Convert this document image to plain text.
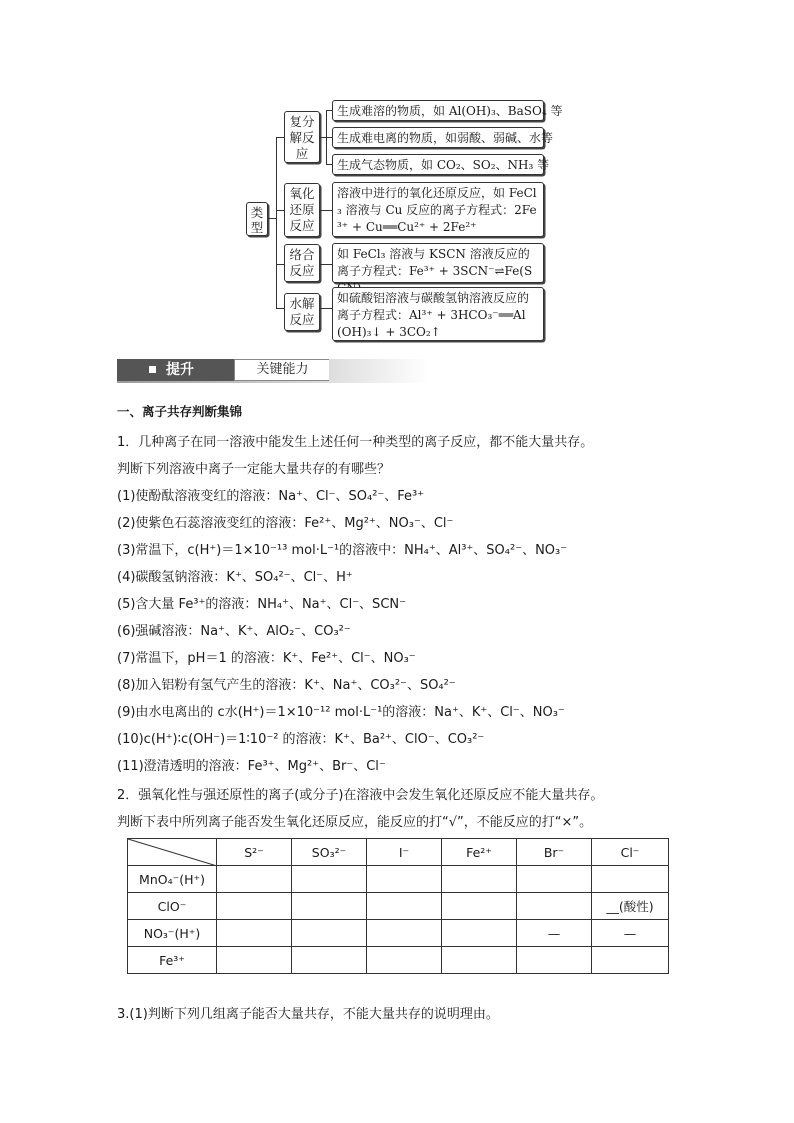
类型
复分解反应
生成难溶的物质，如 Al(OH)₃、BaSO₄ 等
生成难电离的物质，如弱酸、弱碱、水等
生成气态物质，如 CO₂、SO₂、NH₃ 等
氧化还原反应
溶液中进行的氧化还原反应，如 FeCl₃ 溶液与 Cu 反应的离子方程式：2Fe³⁺ + Cu══Cu²⁺ + 2Fe²⁺
络合反应
如 FeCl₃ 溶液与 KSCN 溶液反应的离子方程式：Fe³⁺ + 3SCN⁻⇌Fe(S
水解反应
如硫酸铝溶液与碳酸氢钠溶液反应的离子方程式：Al³⁺ + 3HCO₃⁻══Al(OH)₃↓ + 3CO₂↑
提升	关键能力
一、离子共存判断集锦
1．几种离子在同一溶液中能发生上述任何一种类型的离子反应，都不能大量共存。
判断下列溶液中离子一定能大量共存的有哪些？
(1)使酚酞溶液变红的溶液：Na⁺、Cl⁻、SO₄²⁻、Fe³⁺
(2)使紫色石蕊溶液变红的溶液：Fe²⁺、Mg²⁺、NO₃⁻、Cl⁻
(3)常温下，c(H⁺)＝1×10⁻¹³ mol·L⁻¹的溶液中：NH₄⁺、Al³⁺、SO₄²⁻、NO₃⁻
(4)碳酸氢钠溶液：K⁺、SO₄²⁻、Cl⁻、H⁺
(5)含大量 Fe³⁺的溶液：NH₄⁺、Na⁺、Cl⁻、SCN⁻
(6)强碱溶液：Na⁺、K⁺、AlO₂⁻、CO₃²⁻
(7)常温下，pH＝1 的溶液：K⁺、Fe²⁺、Cl⁻、NO₃⁻
(8)加入铝粉有氢气产生的溶液：K⁺、Na⁺、CO₃²⁻、SO₄²⁻
(9)由水电离出的 c水(H⁺)＝1×10⁻¹² mol·L⁻¹的溶液：Na⁺、K⁺、Cl⁻、NO₃⁻
(10)c(H⁺)∶c(OH⁻)＝1∶10⁻² 的溶液：K⁺、Ba²⁺、ClO⁻、CO₃²⁻
(11)澄清透明的溶液：Fe³⁺、Mg²⁺、Br⁻、Cl⁻
2．强氧化性与强还原性的离子(或分子)在溶液中会发生氧化还原反应不能大量共存。
判断下表中所列离子能否发生氧化还原反应，能反应的打“√”，不能反应的打“×”。
	S²⁻	SO₃²⁻	I⁻	Fe²⁺	Br⁻	Cl⁻
MnO₄⁻(H⁺)						
ClO⁻						__(酸性)
NO₃⁻(H⁺)					—	—
Fe³⁺						
3.(1)判断下列几组离子能否大量共存，不能大量共存的说明理由。
